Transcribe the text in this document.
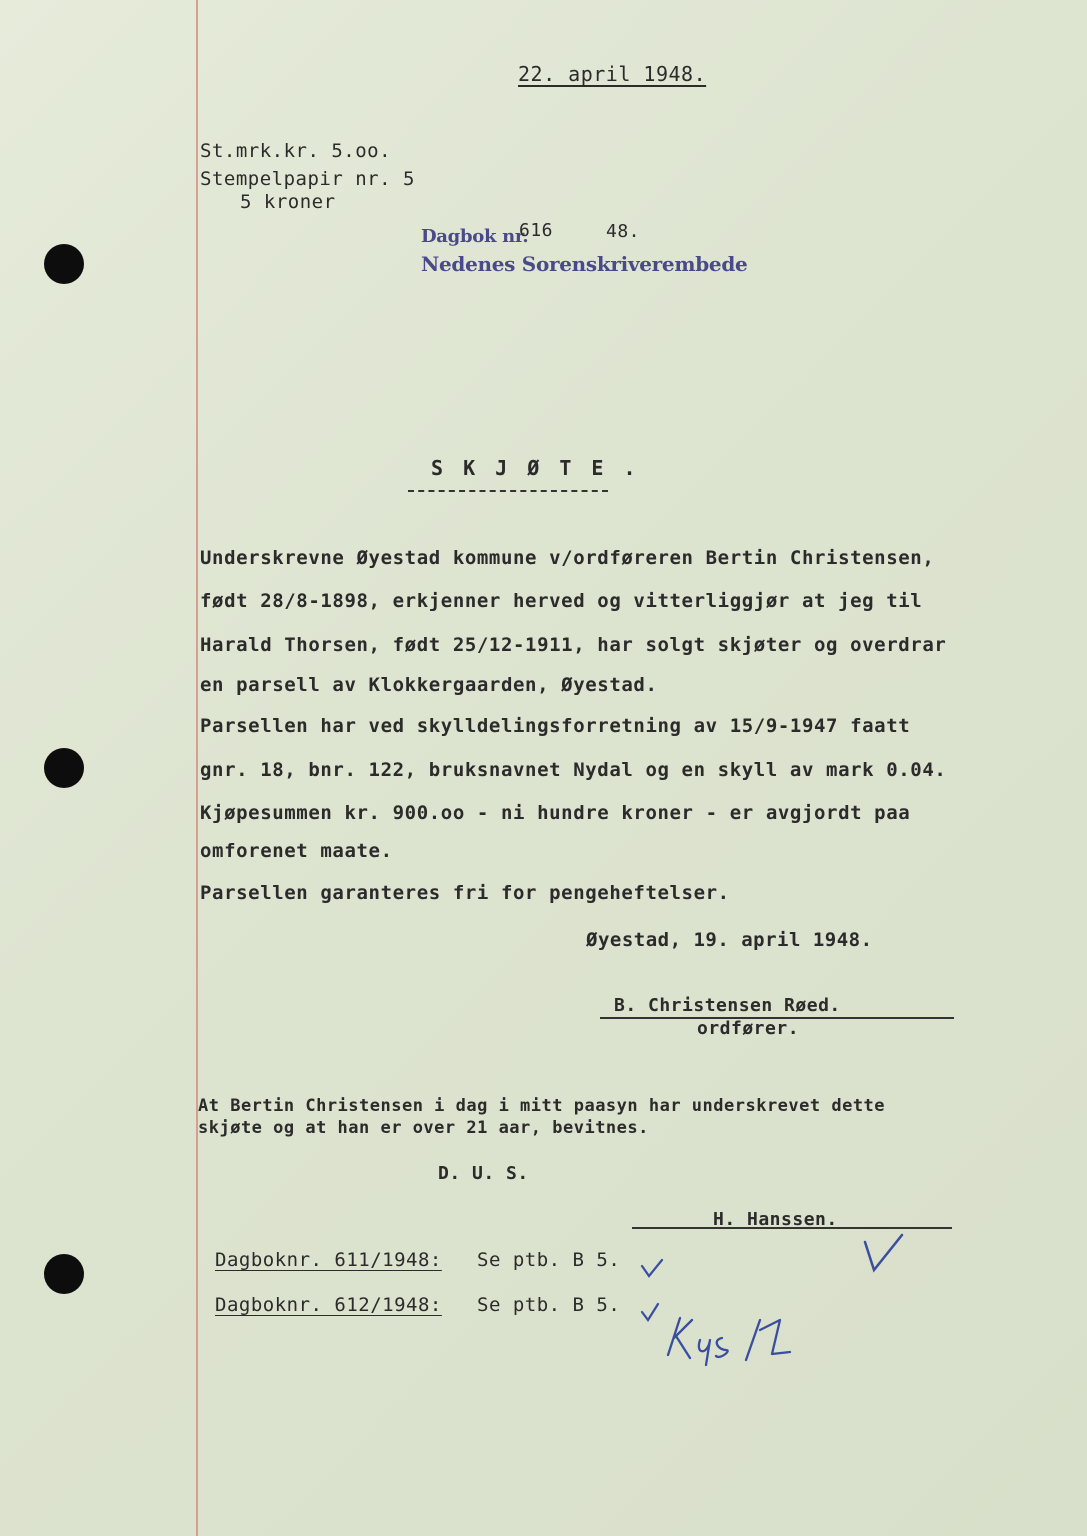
22. april 1948.
St.mrk.kr. 5.oo.
Stempelpapir nr. 5
5 kroner
Dagbok nr.
616	48.
Nedenes Sorenskriverembede
S K J Ø T E .
Underskrevne Øyestad kommune v/ordføreren Bertin Christensen,
født 28/8-1898, erkjenner herved og vitterliggjør at jeg til
Harald Thorsen, født 25/12-1911, har solgt skjøter og overdrar
en parsell av Klokkergaarden, Øyestad.
Parsellen har ved skylldelingsforretning av 15/9-1947 faatt
gnr. 18, bnr. 122, bruksnavnet Nydal og en skyll av mark 0.04.
Kjøpesummen kr. 900.oo - ni hundre kroner - er avgjordt paa
omforenet maate.
Parsellen garanteres fri for pengeheftelser.
Øyestad, 19. april 1948.
B. Christensen Røed.
ordfører.
At Bertin Christensen i dag i mitt paasyn har underskrevet dette
skjøte og at han er over 21 aar, bevitnes.
D. U. S.
H. Hanssen.
Dagboknr. 611/1948: Se ptb. B 5.
Dagboknr. 612/1948: Se ptb. B 5.
